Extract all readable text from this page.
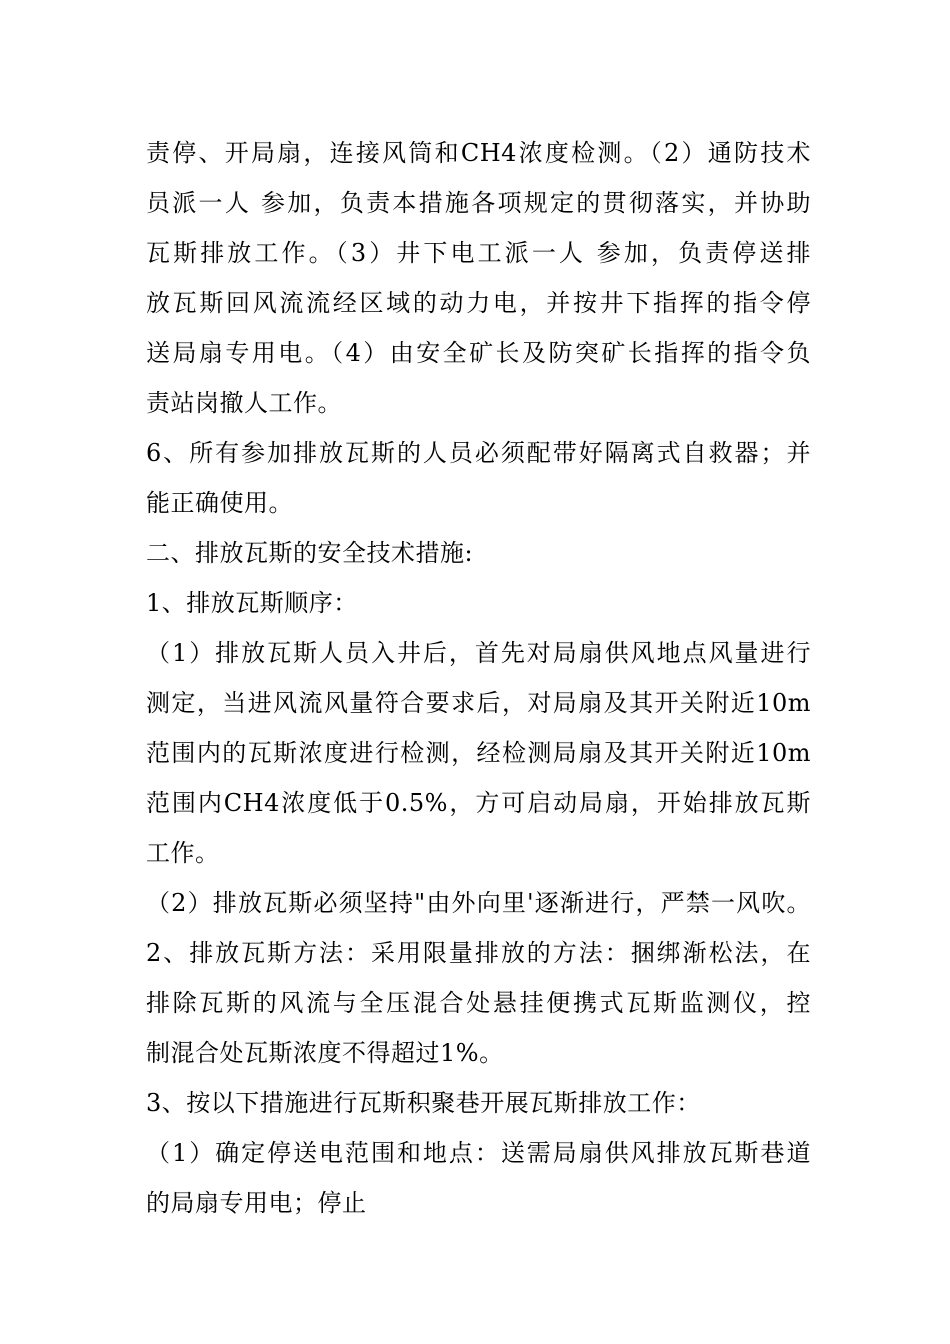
责停、开局扇，连接风筒和CH4浓度检测。（2）通防技术
员派一人 参加，负责本措施各项规定的贯彻落实，并协助
瓦斯排放工作。（3）井下电工派一人 参加，负责停送排
放瓦斯回风流流经区域的动力电，并按井下指挥的指令停
送局扇专用电。（4）由安全矿长及防突矿长指挥的指令负
责站岗撤人工作。
6、所有参加排放瓦斯的人员必须配带好隔离式自救器；并
能正确使用。
二、排放瓦斯的安全技术措施:
1、排放瓦斯顺序：
（1）排放瓦斯人员入井后，首先对局扇供风地点风量进行
测定，当进风流风量符合要求后，对局扇及其开关附近10m
范围内的瓦斯浓度进行检测，经检测局扇及其开关附近10m
范围内CH4浓度低于0.5%，方可启动局扇，开始排放瓦斯
工作。
（2）排放瓦斯必须坚持"由外向里'逐渐进行，严禁一风吹。
2、排放瓦斯方法：采用限量排放的方法：捆绑渐松法，在
排除瓦斯的风流与全压混合处悬挂便携式瓦斯监测仪，控
制混合处瓦斯浓度不得超过1%。
3、按以下措施进行瓦斯积聚巷开展瓦斯排放工作：
（1）确定停送电范围和地点：送需局扇供风排放瓦斯巷道
的局扇专用电；停止
